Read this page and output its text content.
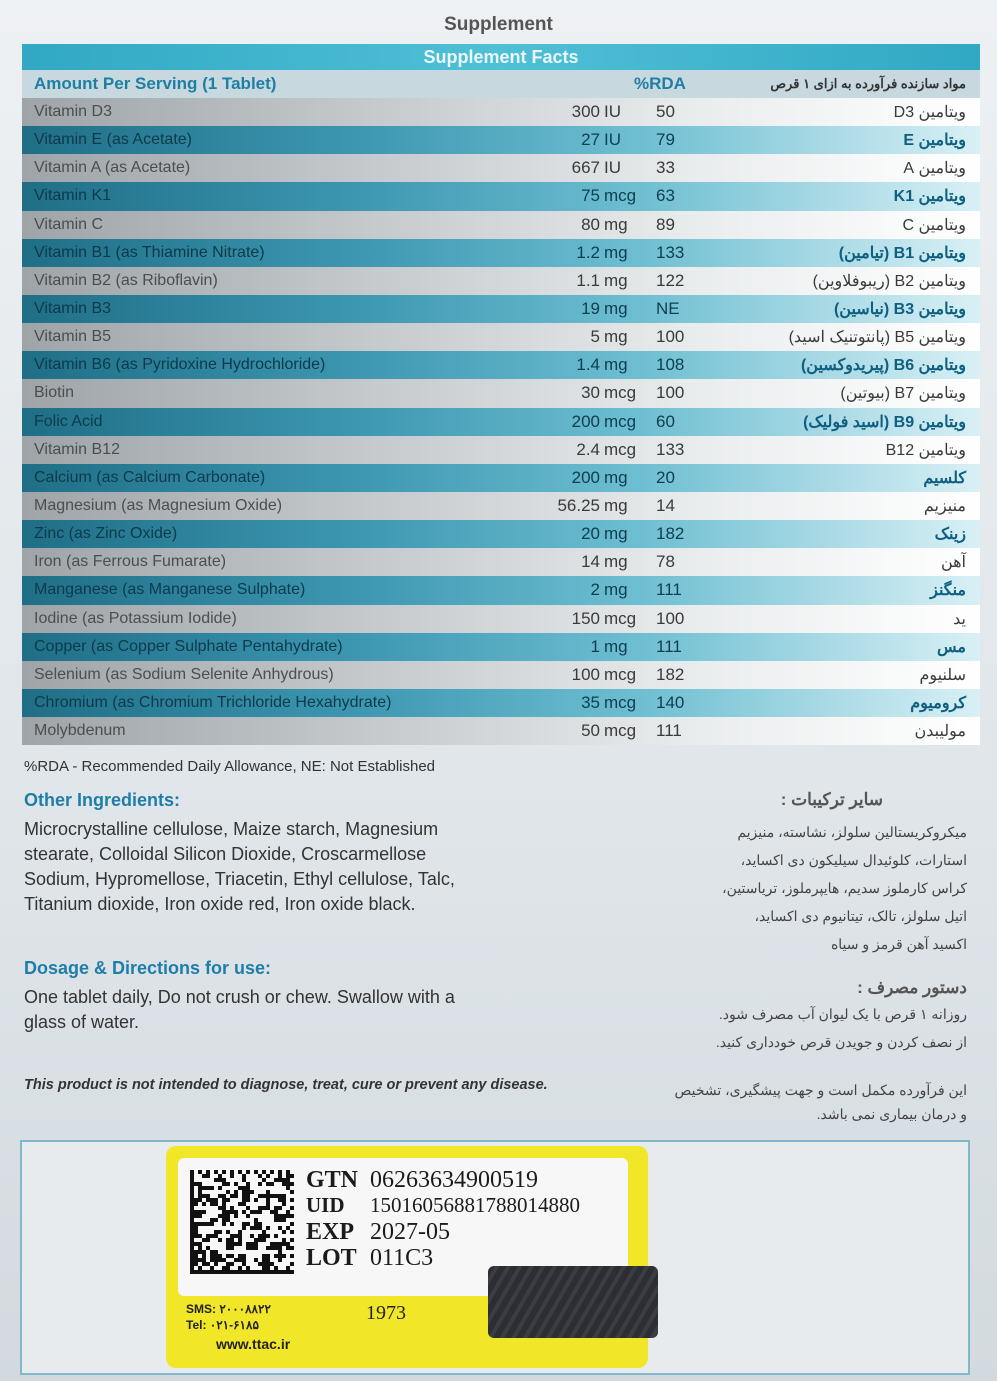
Supplement
Supplement Facts
Amount Per Serving (1 Tablet)	%RDA	مواد سازنده فرآورده به ازای ۱ قرص
Vitamin D3	300 IU 50	ویتامین D3
Vitamin E (as Acetate)	27 IU 79	ویتامین E
Vitamin A (as Acetate)	667 IU 33	ویتامین A
Vitamin K1	75 mcg 63	ویتامین K1
Vitamin C	80 mg 89	ویتامین C
Vitamin B1 (as Thiamine Nitrate)	1.2 mg 133	ویتامین B1 (تیامین)
Vitamin B2 (as Riboflavin)	1.1 mg 122	ویتامین B2 (ریبوفلاوین)
Vitamin B3	19 mg NE	ویتامین B3 (نیاسین)
Vitamin B5	5 mg 100	ویتامین B5 (پانتوتنیک اسید)
Vitamin B6 (as Pyridoxine Hydrochloride)	1.4 mg 108	ویتامین B6 (پیریدوکسین)
Biotin	30 mcg 100	ویتامین B7 (بیوتین)
Folic Acid	200 mcg 60	ویتامین B9 (اسید فولیک)
Vitamin B12	2.4 mcg 133	ویتامین B12
Calcium (as Calcium Carbonate)	200 mg 20	کلسیم
Magnesium (as Magnesium Oxide)	56.25 mg 14	منیزیم
Zinc (as Zinc Oxide)	20 mg 182	زینک
Iron (as Ferrous Fumarate)	14 mg 78	آهن
Manganese (as Manganese Sulphate)	2 mg 111	منگنز
Iodine (as Potassium Iodide)	150 mcg 100	ید
Copper (as Copper Sulphate Pentahydrate)	1 mg 111	مس
Selenium (as Sodium Selenite Anhydrous)	100 mcg 182	سلنیوم
Chromium (as Chromium Trichloride Hexahydrate)	35 mcg 140	کرومیوم
Molybdenum	50 mcg 111	مولیبدن
%RDA - Recommended Daily Allowance, NE: Not Established
Other Ingredients:
Microcrystalline cellulose, Maize starch, Magnesium
stearate, Colloidal Silicon Dioxide, Croscarmellose
Sodium, Hypromellose, Triacetin, Ethyl cellulose, Talc,
Titanium dioxide, Iron oxide red, Iron oxide black.
سایر ترکیبات :
میکروکریستالین سلولز، نشاسته، منیزیم
استارات، کلوئیدال سیلیکون دی اکساید،
کراس کارملوز سدیم، هایپرملوز، تریاستین،
اتیل سلولز، تالک، تیتانیوم دی اکساید،
اکسید آهن قرمز و سیاه
Dosage & Directions for use:
One tablet daily, Do not crush or chew. Swallow with a
glass of water.
دستور مصرف :
روزانه ۱ قرص با یک لیوان آب مصرف شود.
از نصف کردن و جویدن قرص خودداری کنید.
This product is not intended to diagnose, treat, cure or prevent any disease.	این فرآورده مکمل است و جهت پیشگیری، تشخیص
و درمان بیماری نمی باشد.
GTN 06263634900519
UID 15016056881788014880
EXP 2027-05
LOT 011C3
SMS: ۲۰۰۰۸۸۲۲
Tel: ۰۲۱-۶۱۸۵
www.ttac.ir
1973
